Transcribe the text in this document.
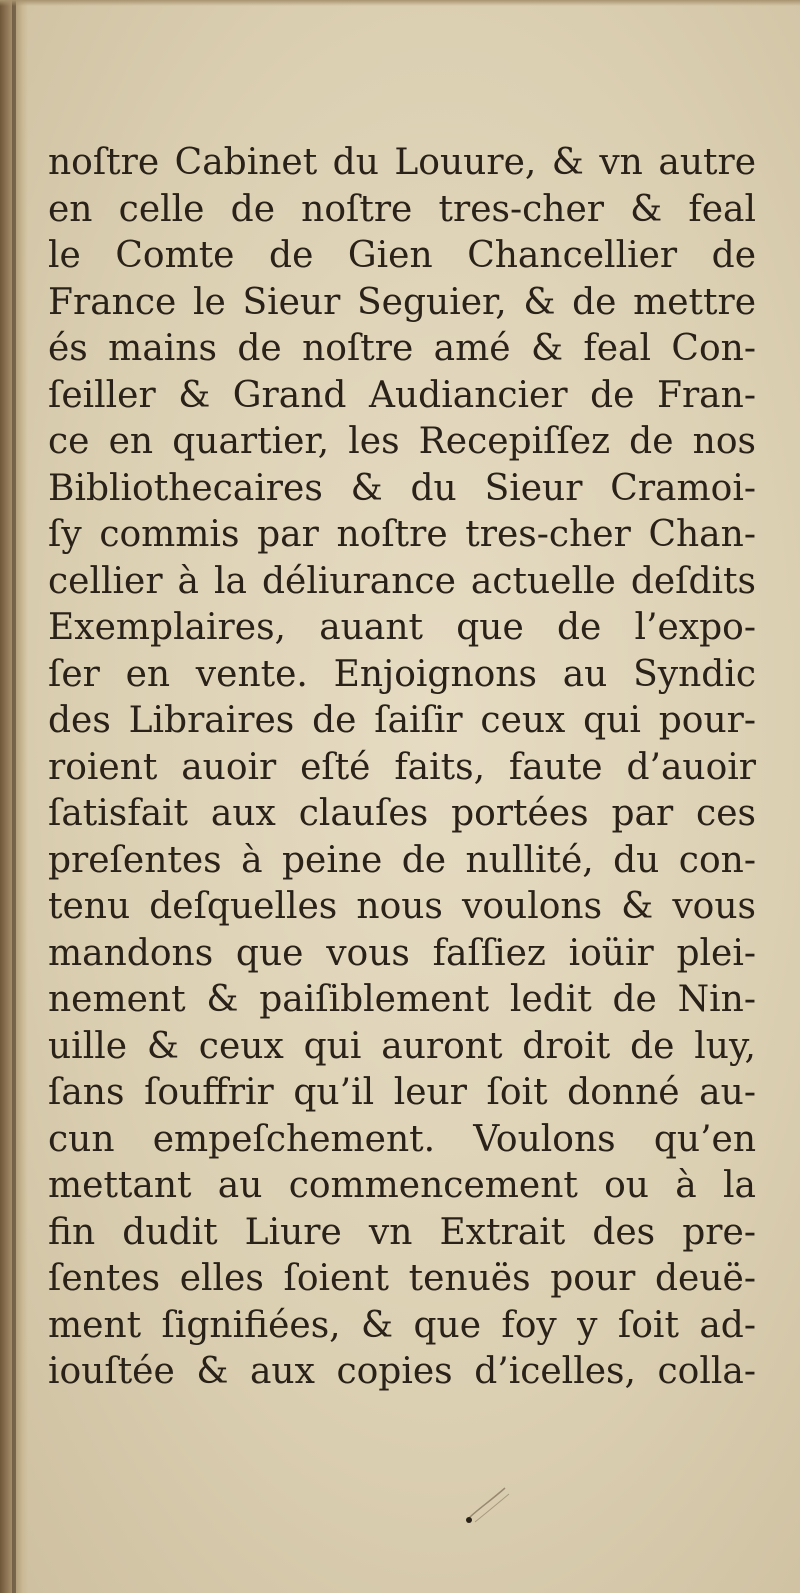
noſtre Cabinet du Louure, & vn autre
en celle de noſtre tres-cher & feal
le Comte de Gien Chancellier de
France le Sieur Seguier, & de mettre
és mains de noſtre amé & feal Con-
ſeiller & Grand Audiancier de Fran-
ce en quartier, les Recepiſſez de nos
Bibliothecaires & du Sieur Cramoi-
ſy commis par noſtre tres-cher Chan-
cellier à la déliurance actuelle deſdits
Exemplaires, auant que de l’expo-
ſer en vente. Enjoignons au Syndic
des Libraires de ſaiſir ceux qui pour-
roient auoir eſté faits, faute d’auoir
ſatisfait aux clauſes portées par ces
preſentes à peine de nullité, du con-
tenu deſquelles nous voulons & vous
mandons que vous faſſiez ioüir plei-
nement & paiſiblement ledit de Nin-
uille & ceux qui auront droit de luy,
ſans ſouffrir qu’il leur ſoit donné au-
cun empeſchement. Voulons qu’en
mettant au commencement ou à la
fin dudit Liure vn Extrait des pre-
ſentes elles ſoient tenuës pour deuë-
ment ſignifiées, & que foy y ſoit ad-
iouſtée & aux copies d’icelles, colla-
